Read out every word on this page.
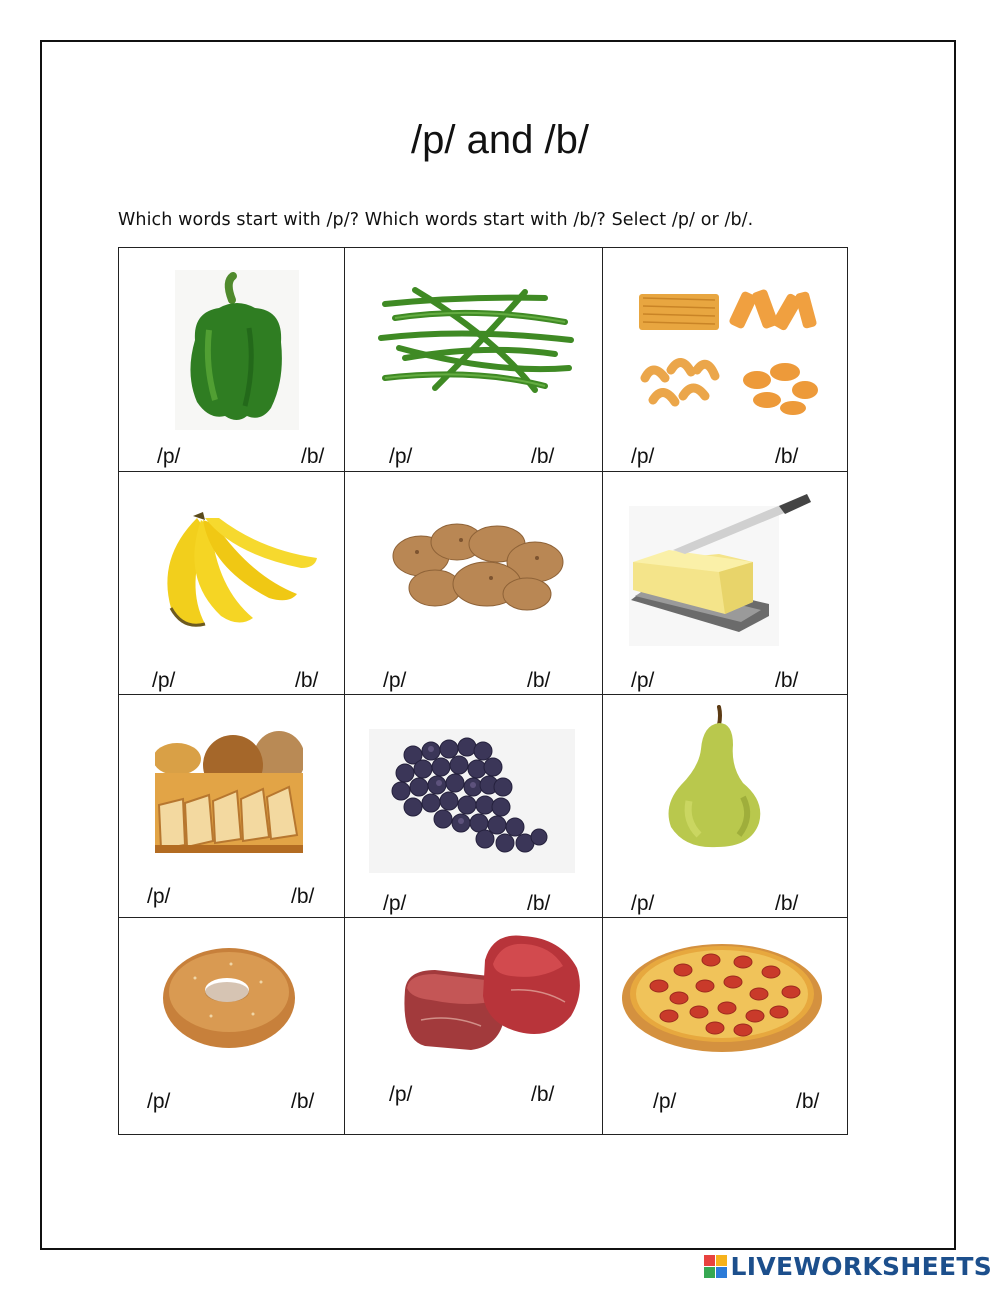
/p/ and /b/
Which words start with /p/? Which words start with /b/? Select /p/ or /b/.
/p/ /b/	/p/ /b/	/p/ /b/

/p/ /b/	/p/ /b/	/p/ /b/

/p/ /b/	/p/ /b/	/p/ /b/

/p/ /b/	/p/ /b/	/p/ /b/
LIVEWORKSHEETS
